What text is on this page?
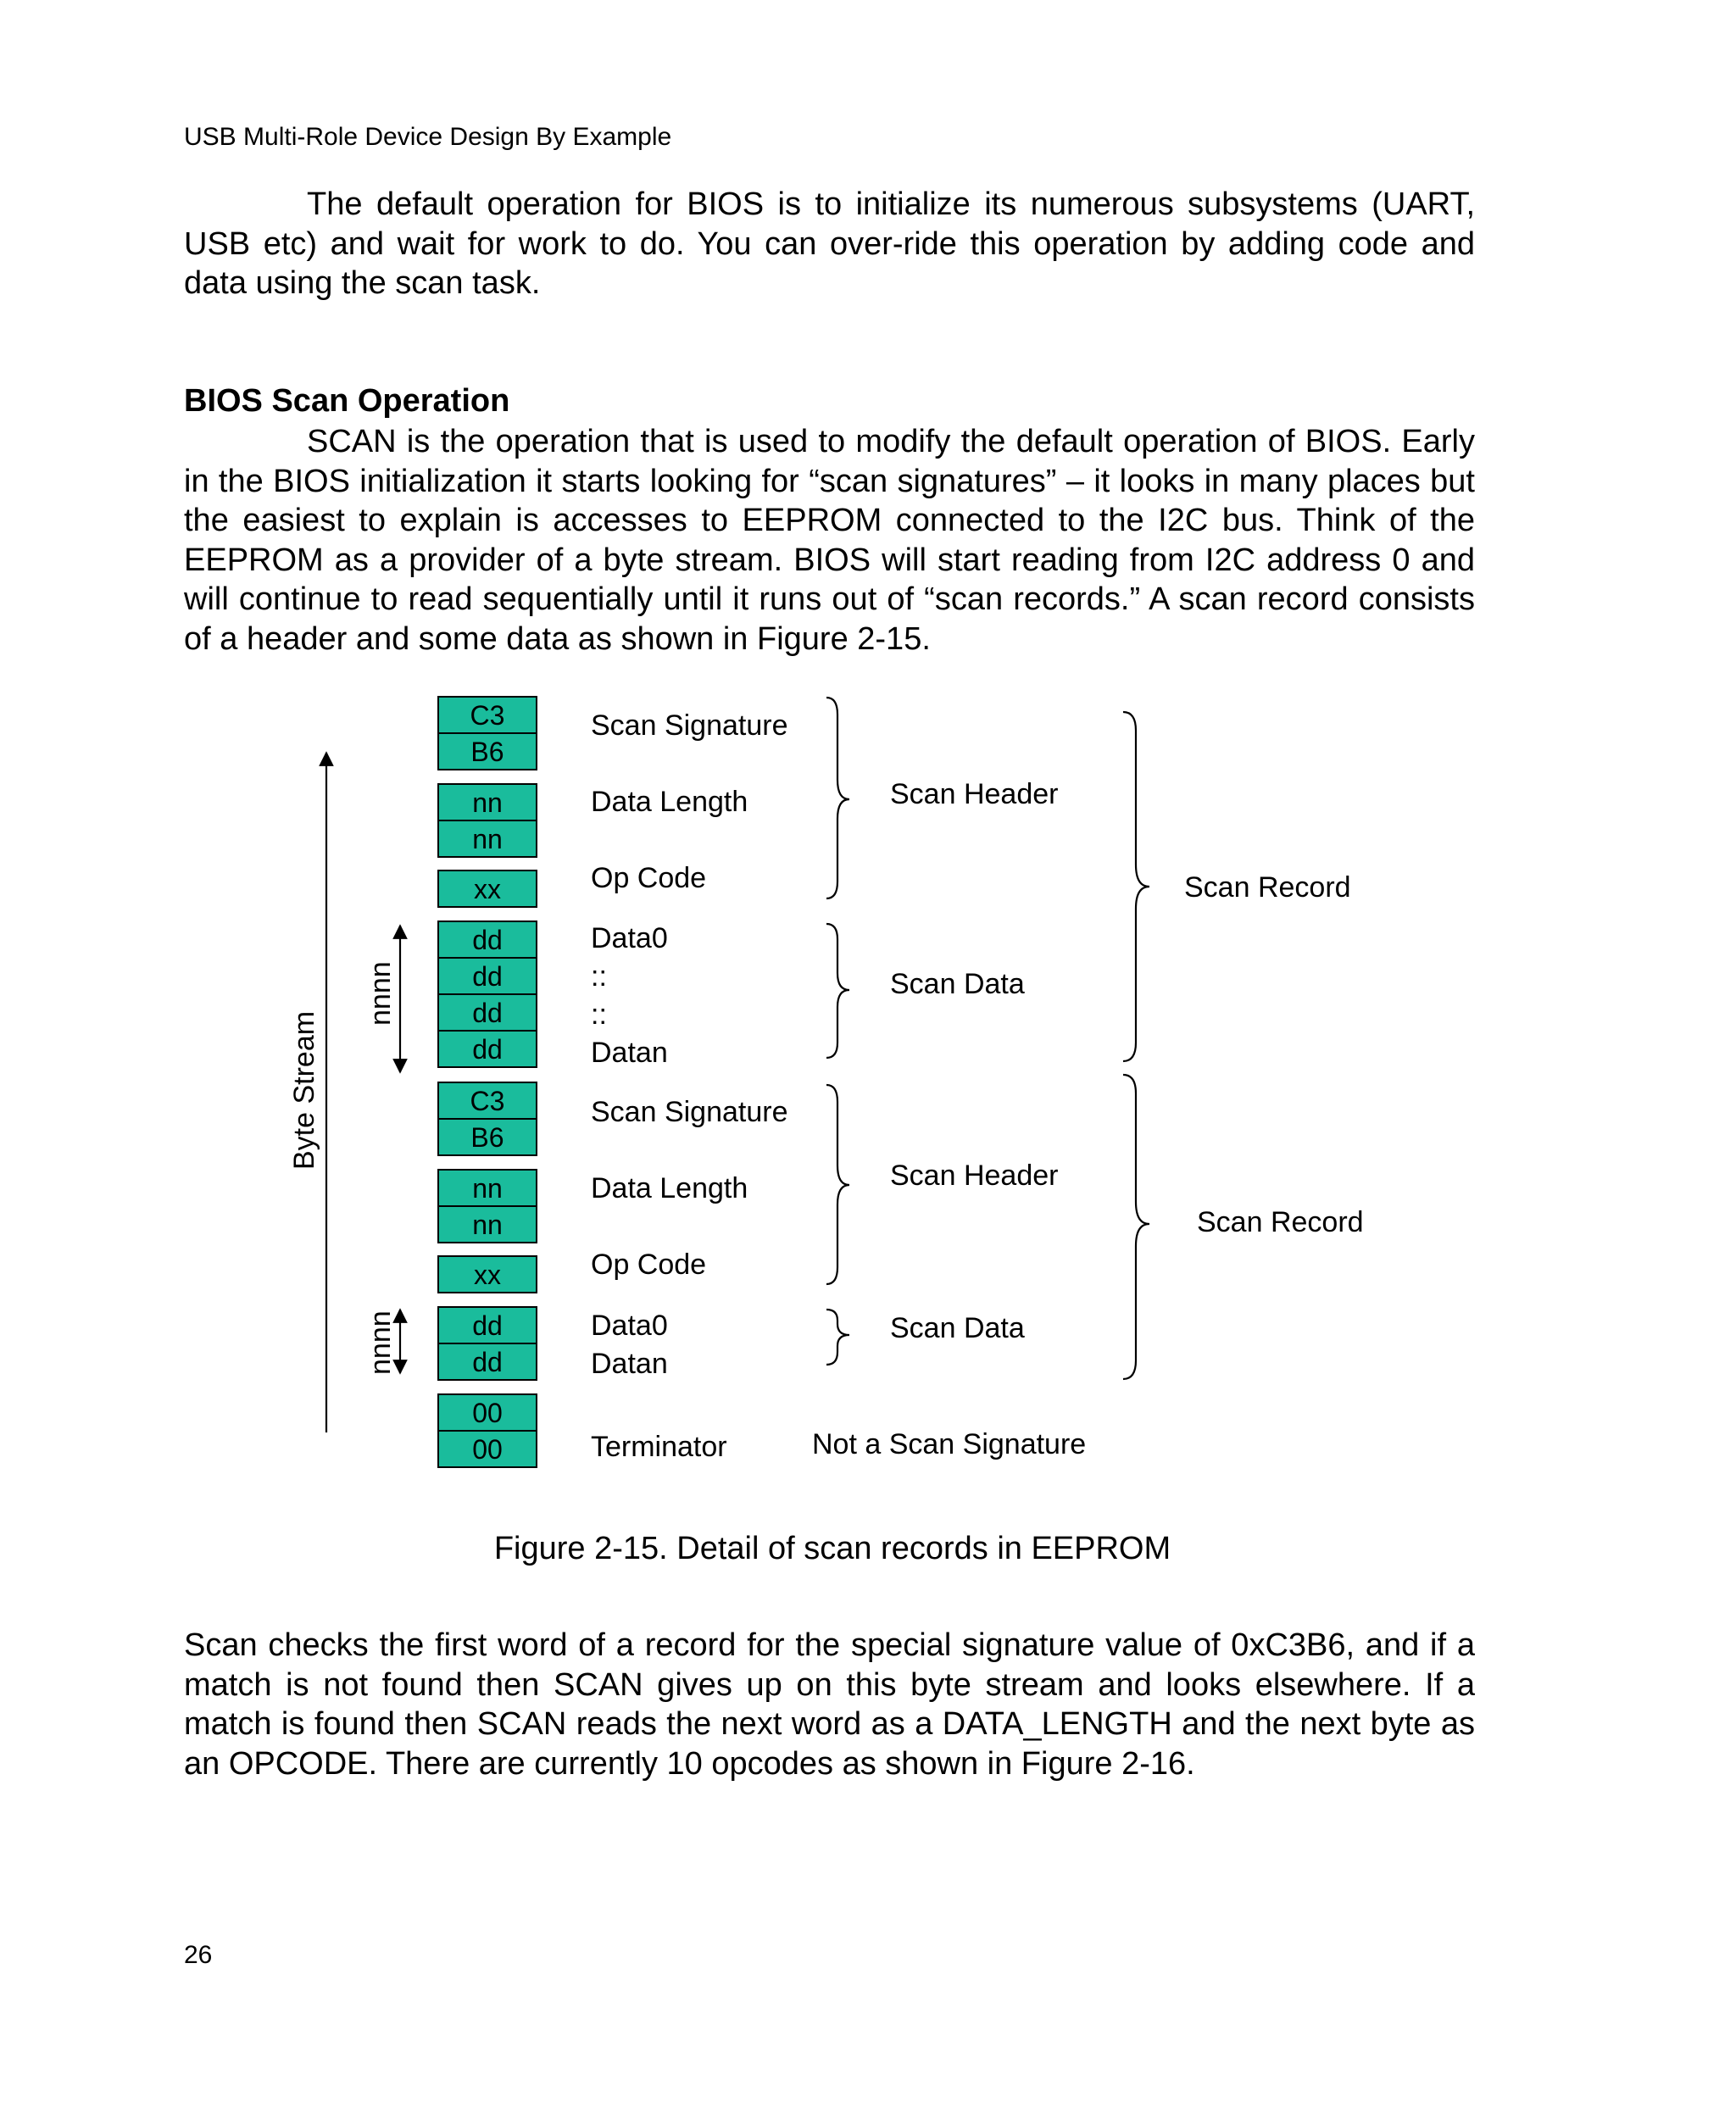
USB Multi-Role Device Design By Example

The default operation for BIOS is to initialize its numerous subsystems (UART, USB etc) and wait for work to do. You can over-ride this operation by adding code and data using the scan task.

BIOS Scan Operation

SCAN is the operation that is used to modify the default operation of BIOS. Early in the BIOS initialization it starts looking for “scan signatures” – it looks in many places but the easiest to explain is accesses to EEPROM connected to the I2C bus. Think of the EEPROM as a provider of a byte stream. BIOS will start reading from I2C address 0 and will continue to read sequentially until it runs out of “scan records.” A scan record consists of a header and some data as shown in Figure 2-15.

Byte Stream
nnnn
nnnn
C3
B6
nn
nn
xx
dd
dd
dd
dd
C3
B6
nn
nn
xx
dd
dd
00
00
Scan Signature
Data Length
Op Code
Data0
::
::
Datan
Scan Signature
Data Length
Op Code
Data0
Datan
Terminator
Scan Header
Scan Data
Scan Record
Scan Header
Scan Data
Scan Record
Not a Scan Signature
Figure 2-15. Detail of scan records in EEPROM

Scan checks the first word of a record for the special signature value of 0xC3B6, and if a match is not found then SCAN gives up on this byte stream and looks elsewhere. If a match is found then SCAN reads the next word as a DATA_LENGTH and the next byte as an OPCODE. There are currently 10 opcodes as shown in Figure 2-16.

26
